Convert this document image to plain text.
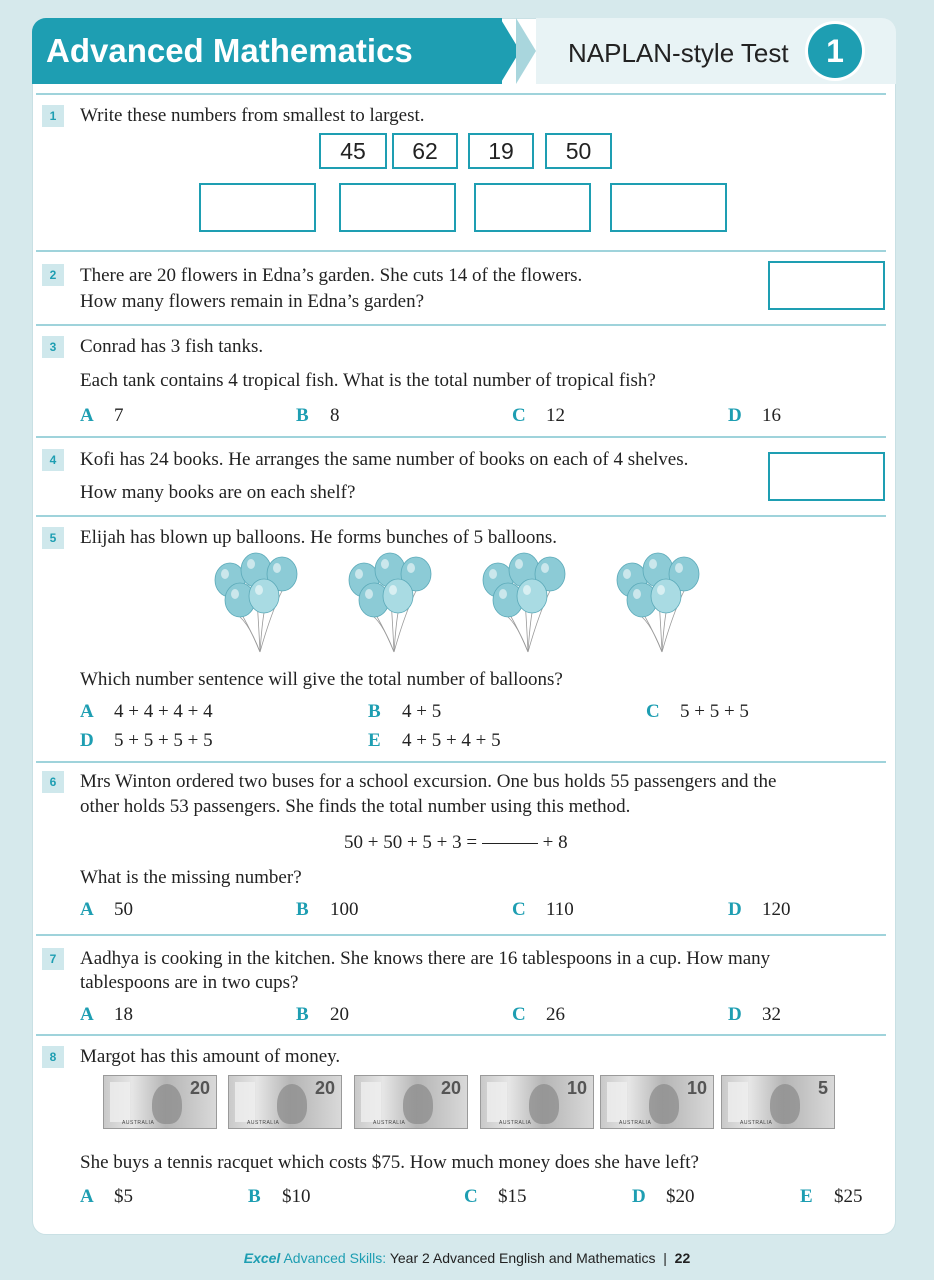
Advanced Mathematics	NAPLAN-style Test	1
1	Write these numbers from smallest to largest.
45	62	19	50
2	There are 20 flowers in Edna’s garden. She cuts 14 of the flowers.
How many flowers remain in Edna’s garden?
3	Conrad has 3 fish tanks.
Each tank contains 4 tropical fish. What is the total number of tropical fish?
A 7	B 8	C 12	D 16
4	Kofi has 24 books. He arranges the same number of books on each of 4 shelves.
How many books are on each shelf?
5	Elijah has blown up balloons. He forms bunches of 5 balloons.
Which number sentence will give the total number of balloons?
A 4 + 4 + 4 + 4	B 4 + 5	C 5 + 5 + 5
D 5 + 5 + 5 + 5	E 4 + 5 + 4 + 5
6	Mrs Winton ordered two buses for a school excursion. One bus holds 55 passengers and the
other holds 53 passengers. She finds the total number using this method.
50 + 50 + 5 + 3 =	+ 8
What is the missing number?
A 50	B 100	C 110	D 120
7	Aadhya is cooking in the kitchen. She knows there are 16 tablespoons in a cup. How many
tablespoons are in two cups?
A 18	B 20	C 26	D 32
8	Margot has this amount of money.
20
AUSTRALIA
20
AUSTRALIA
20
AUSTRALIA
10
AUSTRALIA
10
AUSTRALIA
5
AUSTRALIA
She buys a tennis racquet which costs $75. How much money does she have left?
A $5	B $10	C $15	D $20	E $25
Excel Advanced Skills: Year 2 Advanced English and Mathematics | 22
